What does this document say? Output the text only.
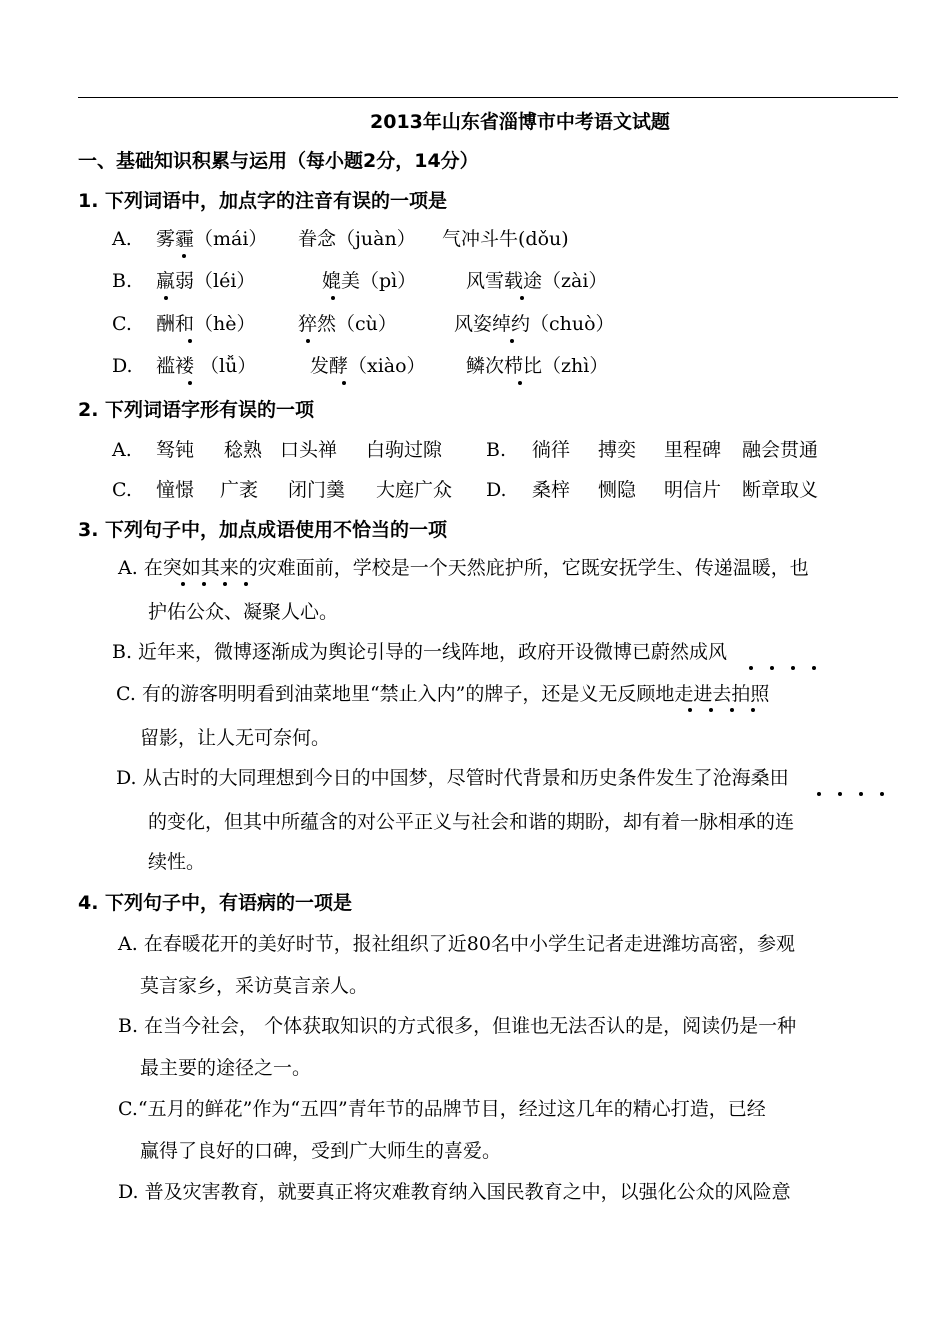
2013年山东省淄博市中考语文试题
一、基础知识积累与运用（每小题2分，14分）
1. 下列词语中，加点字的注音有误的一项是
A. 雾霾（mái） 眷念（juàn） 气冲斗牛(dǒu)
B. 羸弱（léi）	媲美（pì）	风雪载途（zài）
C. 酬和（hè） 猝然（cù）	风姿绰约（chuò）
D. 褴褛 （lǚ）	发酵（xiào） 鳞次栉比（zhì）
2. 下列词语字形有误的一项
A. 驽钝 稔熟 口头禅 白驹过隙 B. 徜徉 搏奕 里程碑 融会贯通
C. 憧憬 广袤 闭门羹 大庭广众 D. 桑梓 恻隐 明信片 断章取义
3. 下列句子中，加点成语使用不恰当的一项
A. 在突如其来的灾难面前，学校是一个天然庇护所，它既安抚学生、传递温暖，也
护佑公众、凝聚人心。
B. 近年来，微博逐渐成为舆论引导的一线阵地，政府开设微博已蔚然成风
C. 有的游客明明看到油菜地里“禁止入内”的牌子，还是义无反顾地走进去拍照
留影，让人无可奈何。
D. 从古时的大同理想到今日的中国梦，尽管时代背景和历史条件发生了沧海桑田
的变化，但其中所蕴含的对公平正义与社会和谐的期盼，却有着一脉相承的连
续性。
4. 下列句子中，有语病的一项是
A. 在春暖花开的美好时节，报社组织了近80名中小学生记者走进潍坊高密，参观
莫言家乡，采访莫言亲人。
B. 在当今社会， 个体获取知识的方式很多，但谁也无法否认的是，阅读仍是一种
最主要的途径之一。
C.“五月的鲜花”作为“五四”青年节的品牌节目，经过这几年的精心打造，已经
赢得了良好的口碑，受到广大师生的喜爱。
D. 普及灾害教育，就要真正将灾难教育纳入国民教育之中，以强化公众的风险意
